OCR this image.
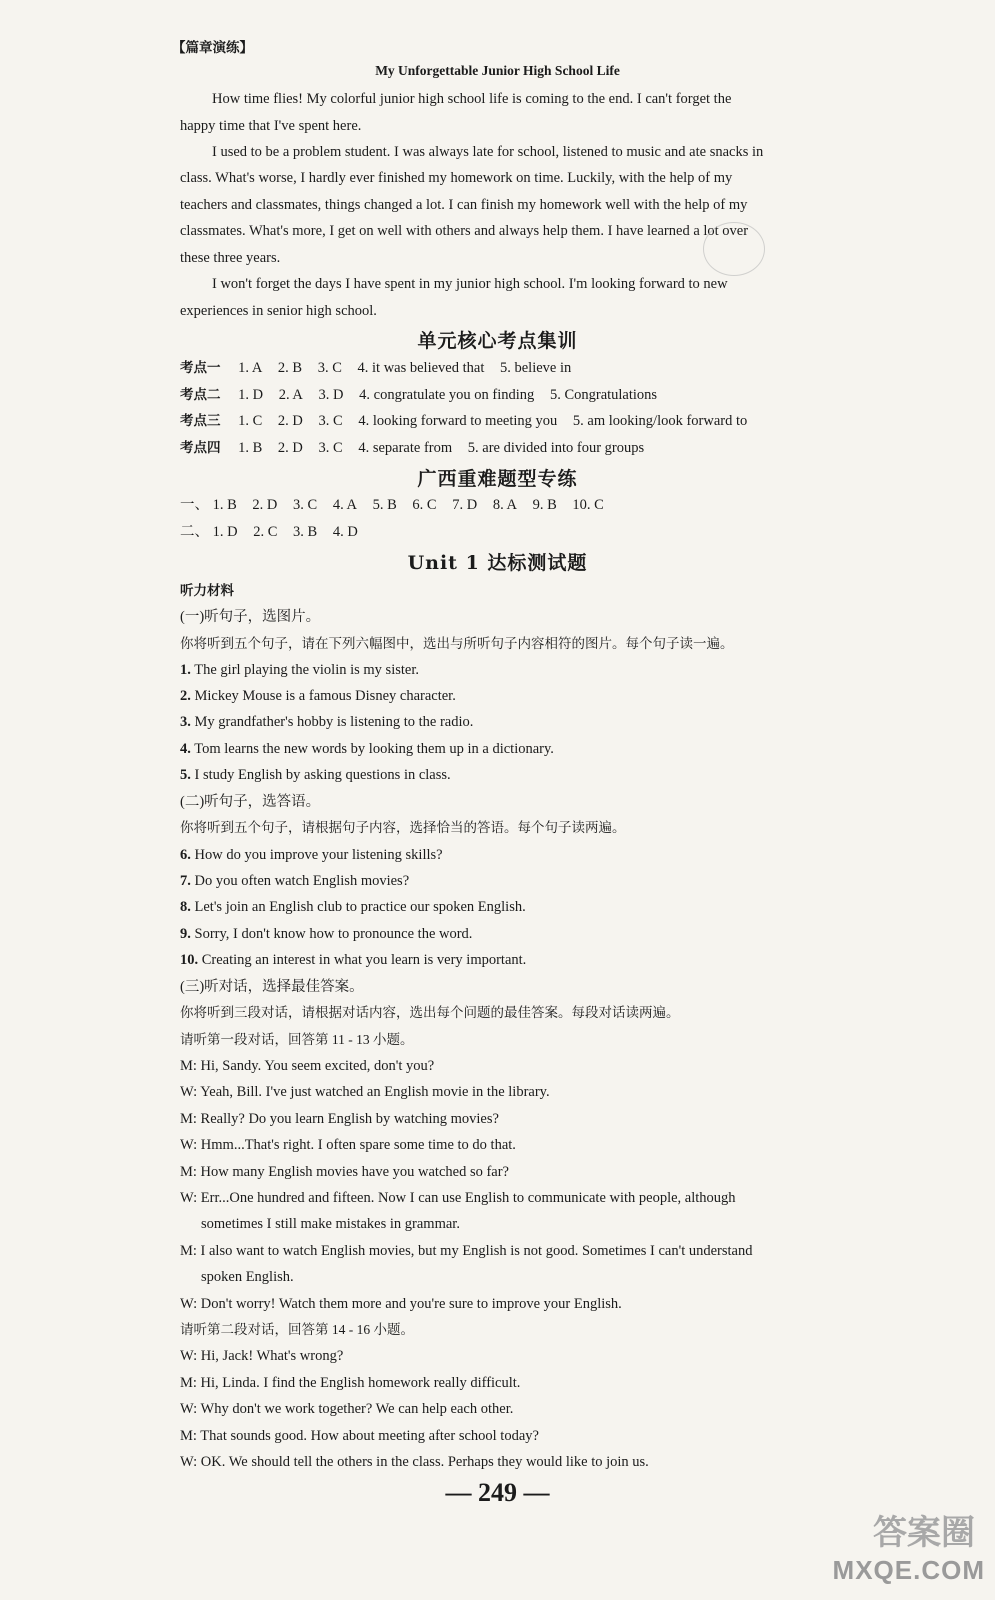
【篇章演练】
My Unforgettable Junior High School Life
How time flies! My colorful junior high school life is coming to the end. I can't forget the
happy time that I've spent here.
I used to be a problem student. I was always late for school, listened to music and ate snacks in
class. What's worse, I hardly ever finished my homework on time. Luckily, with the help of my
teachers and classmates, things changed a lot. I can finish my homework well with the help of my
classmates. What's more, I get on well with others and always help them. I have learned a lot over
these three years.
I won't forget the days I have spent in my junior high school. I'm looking forward to new
experiences in senior high school.
单元核心考点集训
考点一 1. A 2. B 3. C 4. it was believed that 5. believe in
考点二 1. D 2. A 3. D 4. congratulate you on finding 5. Congratulations
考点三 1. C 2. D 3. C 4. looking forward to meeting you 5. am looking/look forward to
考点四 1. B 2. D 3. C 4. separate from 5. are divided into four groups
广西重难题型专练
一、 1. B 2. D 3. C 4. A 5. B 6. C 7. D 8. A 9. B 10. C
二、 1. D 2. C 3. B 4. D
Unit 1 达标测试题
听力材料
(一)听句子，选图片。
你将听到五个句子，请在下列六幅图中，选出与所听句子内容相符的图片。每个句子读一遍。
1. The girl playing the violin is my sister.
2. Mickey Mouse is a famous Disney character.
3. My grandfather's hobby is listening to the radio.
4. Tom learns the new words by looking them up in a dictionary.
5. I study English by asking questions in class.
(二)听句子，选答语。
你将听到五个句子，请根据句子内容，选择恰当的答语。每个句子读两遍。
6. How do you improve your listening skills?
7. Do you often watch English movies?
8. Let's join an English club to practice our spoken English.
9. Sorry, I don't know how to pronounce the word.
10. Creating an interest in what you learn is very important.
(三)听对话，选择最佳答案。
你将听到三段对话，请根据对话内容，选出每个问题的最佳答案。每段对话读两遍。
请听第一段对话，回答第 11 - 13 小题。
M: Hi, Sandy. You seem excited, don't you?
W: Yeah, Bill. I've just watched an English movie in the library.
M: Really? Do you learn English by watching movies?
W: Hmm...That's right. I often spare some time to do that.
M: How many English movies have you watched so far?
W: Err...One hundred and fifteen. Now I can use English to communicate with people, although
sometimes I still make mistakes in grammar.
M: I also want to watch English movies, but my English is not good. Sometimes I can't understand
spoken English.
W: Don't worry! Watch them more and you're sure to improve your English.
请听第二段对话，回答第 14 - 16 小题。
W: Hi, Jack! What's wrong?
M: Hi, Linda. I find the English homework really difficult.
W: Why don't we work together? We can help each other.
M: That sounds good. How about meeting after school today?
W: OK. We should tell the others in the class. Perhaps they would like to join us.
— 249 —
答案圈
MXQE.COM
